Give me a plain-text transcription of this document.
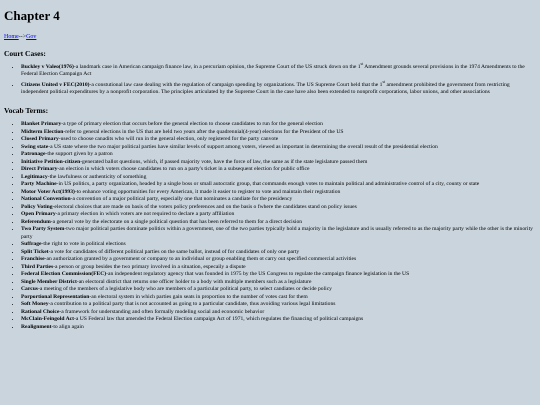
Chapter 4
Home-->Gov
Court Cases:
• Buckley v Valeo(1976)-a landmark case in American campaign finance law, in a percuriam opinion, the Supreme Court of the US struck down on the 1st Amendment grounds several provisions in the 1974 Amendments to the Federal Election Campaign Act
• Citizens United v FEC(2010)-a constutional law case dealing with the regulation of campaign spending by organizations. The US Supreme Court held that the 1st amendment prohibited the government from restricting independent political expenditures by a nonprofit corporation. The principles articulated by the Supreme Court in the case have also been extended to nonprofit corporations, labor unions, and other associations
Vocab Terms:
• Blanket Primary-a type of primary election that occurs before the general election to choose candidates to run for the general election
• Midterm Election-refer to general elections in the US that are held two years after the quadrennial(4-year) elections for the President of the US
• Closed Primary-used to choose canadits who will run in the general election, only registered for the party canvote
• Swing state-a US state where the two major political parties have similar levels of support among voters, viewed as important in determining the overall result of the presidential election
• Patronage-the support given by a patron
• Initiative Petition-citizen-generated ballot questions, which, if passed majority vote, have the force of law, the same as if the state legislature passed them
• Direct Primary-an election in which voters choose candidates to run on a party's ticket in a subsequent election for public office
• Legitimacy-the lawfulness or authenticity of something
• Party Machine-in US politics, a party organization, headed by a single boss or small autocratic group, that commands enough votes to maintain political and administrative control of a city, county or state
• Motor Voter Act(1993)-to enhance voting opportunities for every American, it made it easier to register to vote and maintain their registration
• National Convention-a convention of a major political party, especially one that nominates a candiate for the presidency
• Policy Voting-electoral choices that are made on basis of the voters policy preferences and on the basis o fwhere the candidates stand on policy issues
• Open Primary-a primary election in which voters are not required to declare a party affiliation
• Referendum-a general vote by the electorate on a single political question that has been referred to them for a direct decision
• Two Party System-two major political parties dominate politics within a government, one of the two parties typically hold a majority in the legislature and is usually referred to as the majority party while the other is the minority party
• Suffrage-the right to vote in political elections
• Split Ticket-a vote for candidates of different political parties on the same ballot, instead of for candidates of only one party
• Franchise-an authorization granted by a government or company to an individual or group enabling them ot carry out specified commercial activities
• Third Parties-a person or group besides the two primary involved in a situation, especaily a dispute
• Federal Election Commission(FEC)-an independent regulatory agency that was founded in 1975 by the US Congress to regulate the campaign finance legislation in the US
• Single Member District-an electoral district that returns one officer holder to a body with multiple members such as a legislature
• Carcus-a meeting of the members of a legislative body who are members of a particular political party, to select candiates or decide policy
• Porportional Representation-an electoral system in which parties gain seats in proportion to the number of votes cast for them
• Soft Money-a contribution to a political party that is not accounted as going to a particular candidate, thus avoiding various legal limitations
• Rational Choice-a framework for understanding and often formally modeling social and economic behavior
• McClain-Feingold Act-a US Federal law that amended the Federal Election campaign Act of 1971, which regulates the financing of political campaigns
• Realignment-to align again
